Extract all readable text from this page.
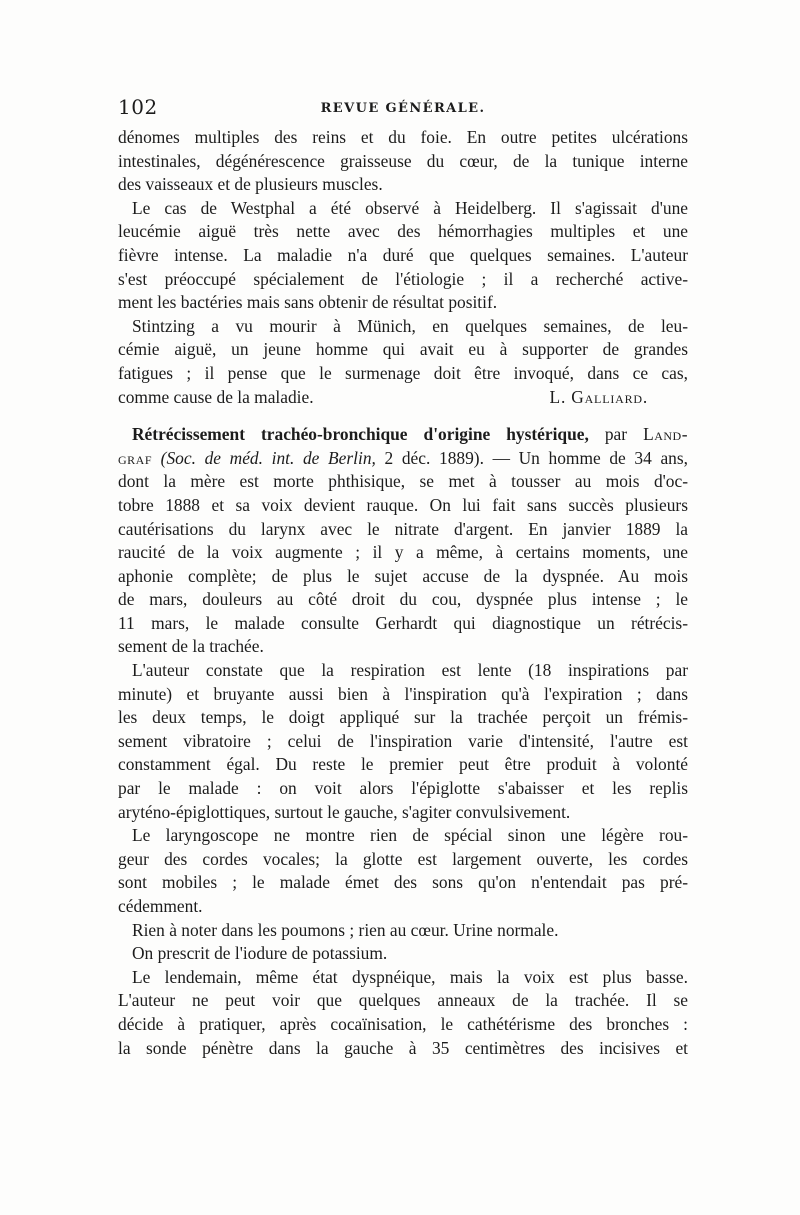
102	REVUE GÉNÉRALE.
dénomes multiples des reins et du foie. En outre petites ulcérations
intestinales, dégénérescence graisseuse du cœur, de la tunique interne
des vaisseaux et de plusieurs muscles.
Le cas de Westphal a été observé à Heidelberg. Il s'agissait d'une
leucémie aiguë très nette avec des hémorrhagies multiples et une
fièvre intense. La maladie n'a duré que quelques semaines. L'auteur
s'est préoccupé spécialement de l'étiologie ; il a recherché active-
ment les bactéries mais sans obtenir de résultat positif.
Stintzing a vu mourir à Münich, en quelques semaines, de leu-
cémie aiguë, un jeune homme qui avait eu à supporter de grandes
fatigues ; il pense que le surmenage doit être invoqué, dans ce cas,
comme cause de la maladie.	L. Galliard.
Rétrécissement trachéo-bronchique d'origine hystérique, par Land-
graf (Soc. de méd. int. de Berlin, 2 déc. 1889). — Un homme de 34 ans,
dont la mère est morte phthisique, se met à tousser au mois d'oc-
tobre 1888 et sa voix devient rauque. On lui fait sans succès plusieurs
cautérisations du larynx avec le nitrate d'argent. En janvier 1889 la
raucité de la voix augmente ; il y a même, à certains moments, une
aphonie complète; de plus le sujet accuse de la dyspnée. Au mois
de mars, douleurs au côté droit du cou, dyspnée plus intense ; le
11 mars, le malade consulte Gerhardt qui diagnostique un rétrécis-
sement de la trachée.
L'auteur constate que la respiration est lente (18 inspirations par
minute) et bruyante aussi bien à l'inspiration qu'à l'expiration ; dans
les deux temps, le doigt appliqué sur la trachée perçoit un frémis-
sement vibratoire ; celui de l'inspiration varie d'intensité, l'autre est
constamment égal. Du reste le premier peut être produit à volonté
par le malade : on voit alors l'épiglotte s'abaisser et les replis
aryténo-épiglottiques, surtout le gauche, s'agiter convulsivement.
Le laryngoscope ne montre rien de spécial sinon une légère rou-
geur des cordes vocales; la glotte est largement ouverte, les cordes
sont mobiles ; le malade émet des sons qu'on n'entendait pas pré-
cédemment.
Rien à noter dans les poumons ; rien au cœur. Urine normale.
On prescrit de l'iodure de potassium.
Le lendemain, même état dyspnéique, mais la voix est plus basse.
L'auteur ne peut voir que quelques anneaux de la trachée. Il se
décide à pratiquer, après cocaïnisation, le cathétérisme des bronches :
la sonde pénètre dans la gauche à 35 centimètres des incisives et
